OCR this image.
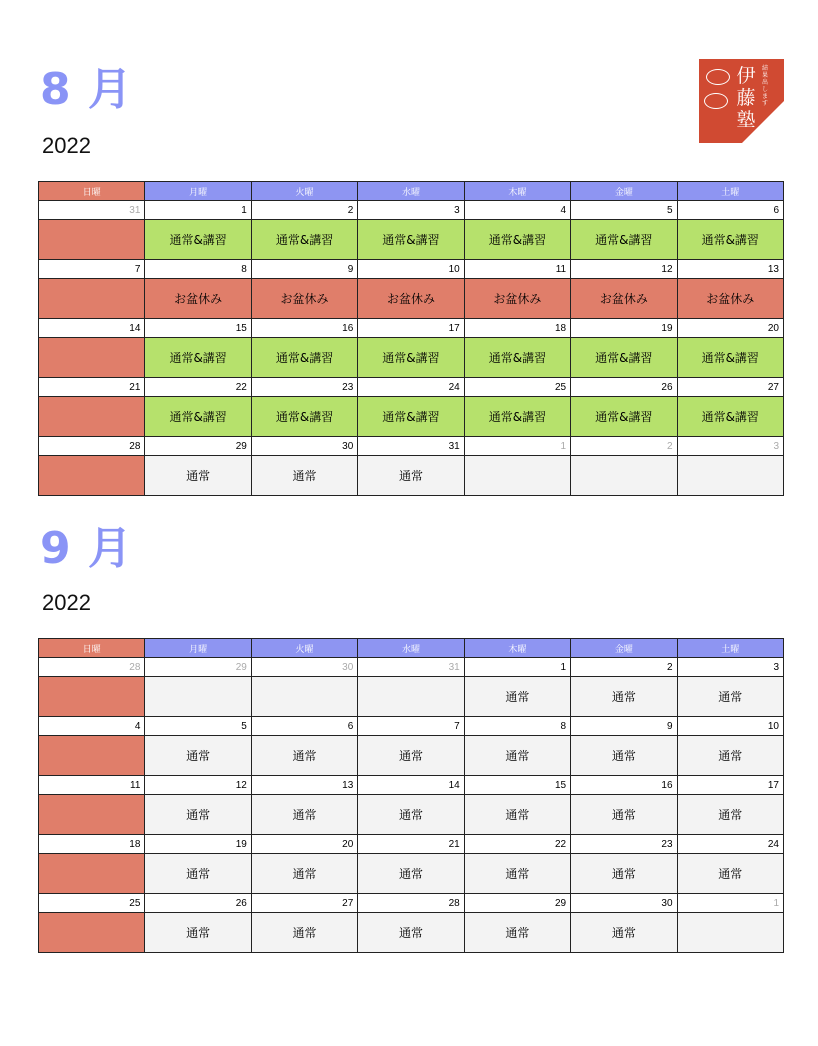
伊
藤
塾
結果出します
8 月
2022
日曜	月曜	火曜	水曜	木曜	金曜	土曜
31	1	2	3	4	5	6
	通常&講習	通常&講習	通常&講習	通常&講習	通常&講習	通常&講習
7	8	9	10	11	12	13
	お盆休み	お盆休み	お盆休み	お盆休み	お盆休み	お盆休み
14	15	16	17	18	19	20
	通常&講習	通常&講習	通常&講習	通常&講習	通常&講習	通常&講習
21	22	23	24	25	26	27
	通常&講習	通常&講習	通常&講習	通常&講習	通常&講習	通常&講習
28	29	30	31	1	2	3
	通常	通常	通常			
9 月
2022
日曜	月曜	火曜	水曜	木曜	金曜	土曜
28	29	30	31	1	2	3
				通常	通常	通常
4	5	6	7	8	9	10
	通常	通常	通常	通常	通常	通常
11	12	13	14	15	16	17
	通常	通常	通常	通常	通常	通常
18	19	20	21	22	23	24
	通常	通常	通常	通常	通常	通常
25	26	27	28	29	30	1
	通常	通常	通常	通常	通常	
